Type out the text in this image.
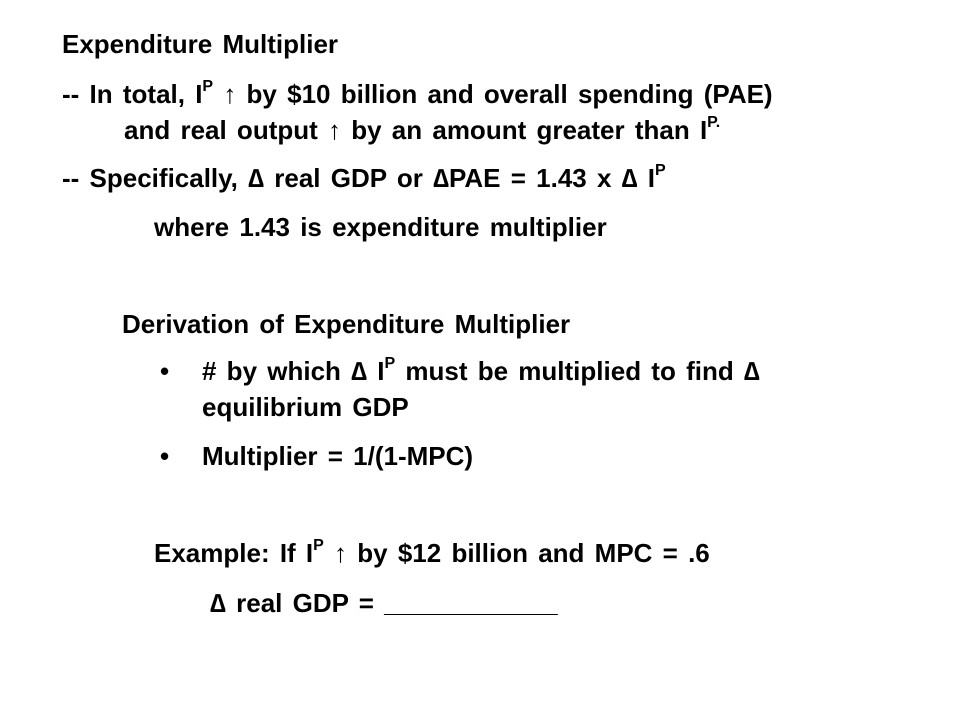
Expenditure Multiplier
-- In total, $I^P$ ↑ by $10 billion and overall spending (PAE)
and real output ↑ by an amount greater than $I^{P.}$
-- Specifically, ∆ real GDP or ∆PAE = 1.43 x ∆ $I^P$
where 1.43 is expenditure multiplier
Derivation of Expenditure Multiplier
• # by which ∆ $I^P$ must be multiplied to find ∆
equilibrium GDP
• Multiplier = 1/(1-MPC)
Example: If $I^P$ ↑ by $12 billion and MPC = .6
∆ real GDP = ____________
